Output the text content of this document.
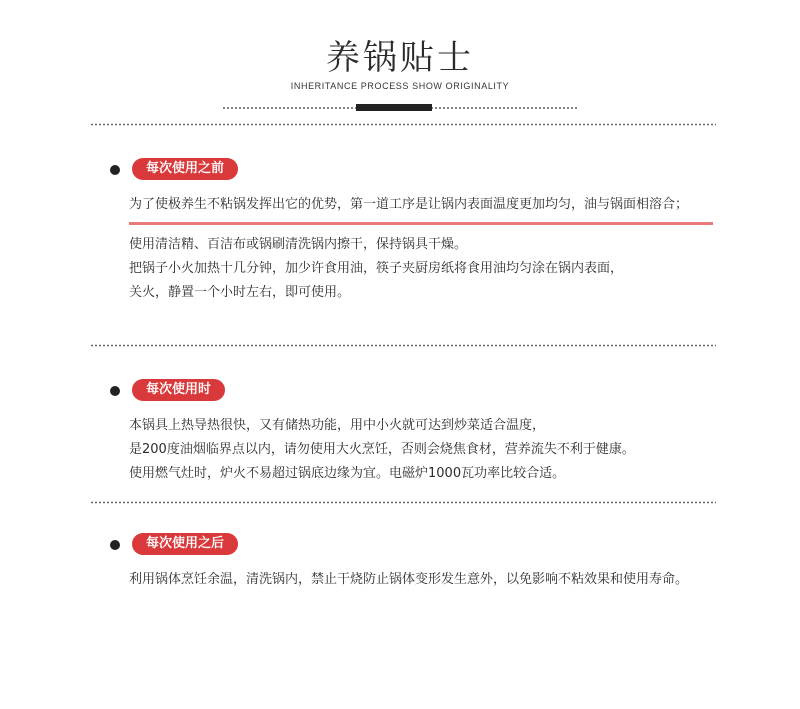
养锅贴士
INHERITANCE PROCESS SHOW ORIGINALITY
每次使用之前
为了使极养生不粘锅发挥出它的优势，第一道工序是让锅内表面温度更加均匀，油与锅面相溶合；
使用清洁精、百洁布或锅刷清洗锅内擦干，保持锅具干燥。
把锅子小火加热十几分钟，加少许食用油，筷子夹厨房纸将食用油均匀涂在锅内表面，
关火，静置一个小时左右，即可使用。
每次使用时
本锅具上热导热很快，又有储热功能，用中小火就可达到炒菜适合温度，
是200度油烟临界点以内，请勿使用大火烹饪，否则会烧焦食材，营养流失不利于健康。
使用燃气灶时，炉火不易超过锅底边缘为宜。电磁炉1000瓦功率比较合适。
每次使用之后
利用锅体烹饪余温，清洗锅内，禁止干烧防止锅体变形发生意外，以免影响不粘效果和使用寿命。
